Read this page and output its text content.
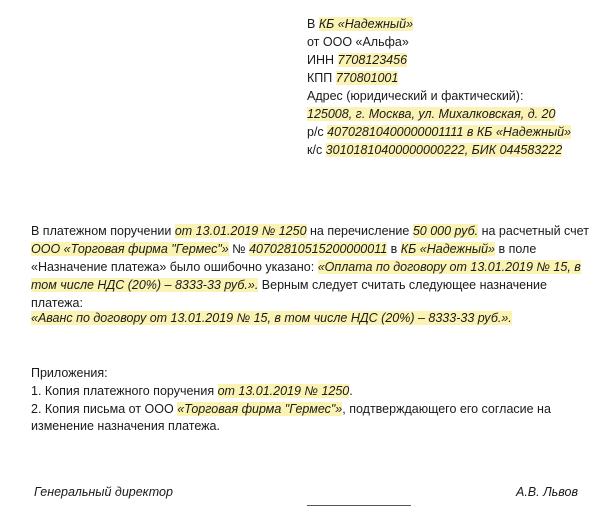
В КБ «Надежный»
от ООО «Альфа»
ИНН 7708123456
КПП 770801001
Адрес (юридический и фактический):
125008, г. Москва, ул. Михалковская, д. 20
р/с 40702810400000001111 в КБ «Надежный»
к/с 30101810400000000222, БИК 044583222
В платежном поручении от 13.01.2019 № 1250 на перечисление 50 000 руб. на расчетный счет
ООО «Торговая фирма "Гермес"» № 40702810515200000011 в КБ «Надежный» в поле
«Назначение платежа» было ошибочно указано: «Оплата по договору от 13.01.2019 № 15, в
том числе НДС (20%) – 8333-33 руб.». Верным следует считать следующее назначение
платежа:
«Аванс по договору от 13.01.2019 № 15, в том числе НДС (20%) – 8333-33 руб.».
Приложения:
1. Копия платежного поручения от 13.01.2019 № 1250.
2. Копия письма от ООО «Торговая фирма "Гермес"», подтверждающего его согласие на
изменение назначения платежа.
Генеральный директор	А.В. Львов
